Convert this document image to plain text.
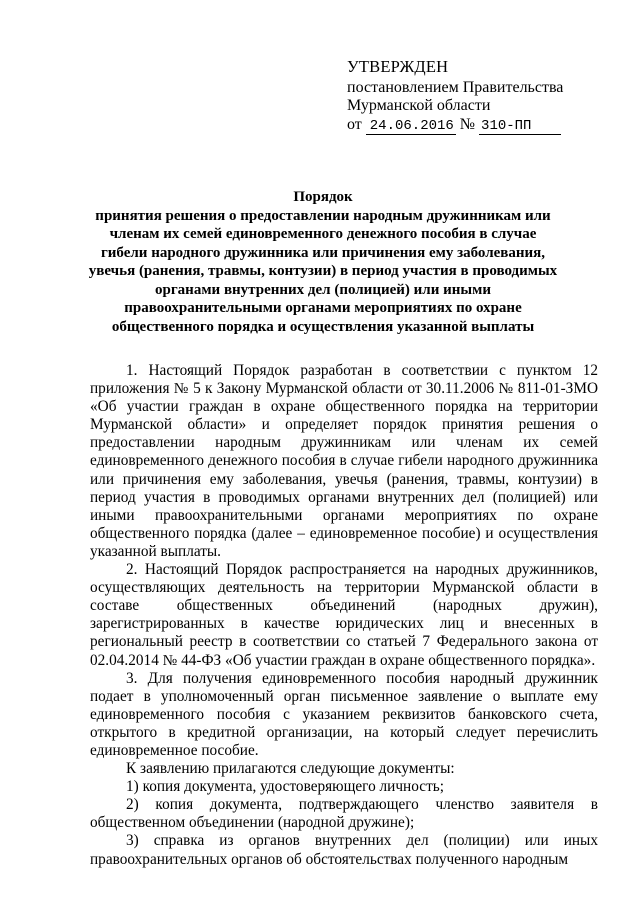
УТВЕРЖДЕН
постановлением Правительства
Мурманской области
от 24.06.2016 № 310-ПП
Порядок
принятия решения о предоставлении народным дружинникам или членам их семей единовременного денежного пособия в случае гибели народного дружинника или причинения ему заболевания, увечья (ранения, травмы, контузии) в период участия в проводимых органами внутренних дел (полицией) или иными правоохранительными органами мероприятиях по охране общественного порядка и осуществления указанной выплаты

1. Настоящий Порядок разработан в соответствии с пунктом 12 приложения № 5 к Закону Мурманской области от 30.11.2006 № 811-01-ЗМО «Об участии граждан в охране общественного порядка на территории Мурманской области» и определяет порядок принятия решения о предоставлении народным дружинникам или членам их семей единовременного денежного пособия в случае гибели народного дружинника или причинения ему заболевания, увечья (ранения, травмы, контузии) в период участия в проводимых органами внутренних дел (полицией) или иными правоохранительными органами мероприятиях по охране общественного порядка (далее – единовременное пособие) и осуществления указанной выплаты.

2. Настоящий Порядок распространяется на народных дружинников, осуществляющих деятельность на территории Мурманской области в составе общественных объединений (народных дружин), зарегистрированных в качестве юридических лиц и внесенных в региональный реестр в соответствии со статьей 7 Федерального закона от 02.04.2014 № 44-ФЗ «Об участии граждан в охране общественного порядка».

3. Для получения единовременного пособия народный дружинник подает в уполномоченный орган письменное заявление о выплате ему единовременного пособия с указанием реквизитов банковского счета, открытого в кредитной организации, на который следует перечислить единовременное пособие.

К заявлению прилагаются следующие документы:

1) копия документа, удостоверяющего личность;

2) копия документа, подтверждающего членство заявителя в общественном объединении (народной дружине);

3) справка из органов внутренних дел (полиции) или иных правоохранительных органов об обстоятельствах полученного народным
